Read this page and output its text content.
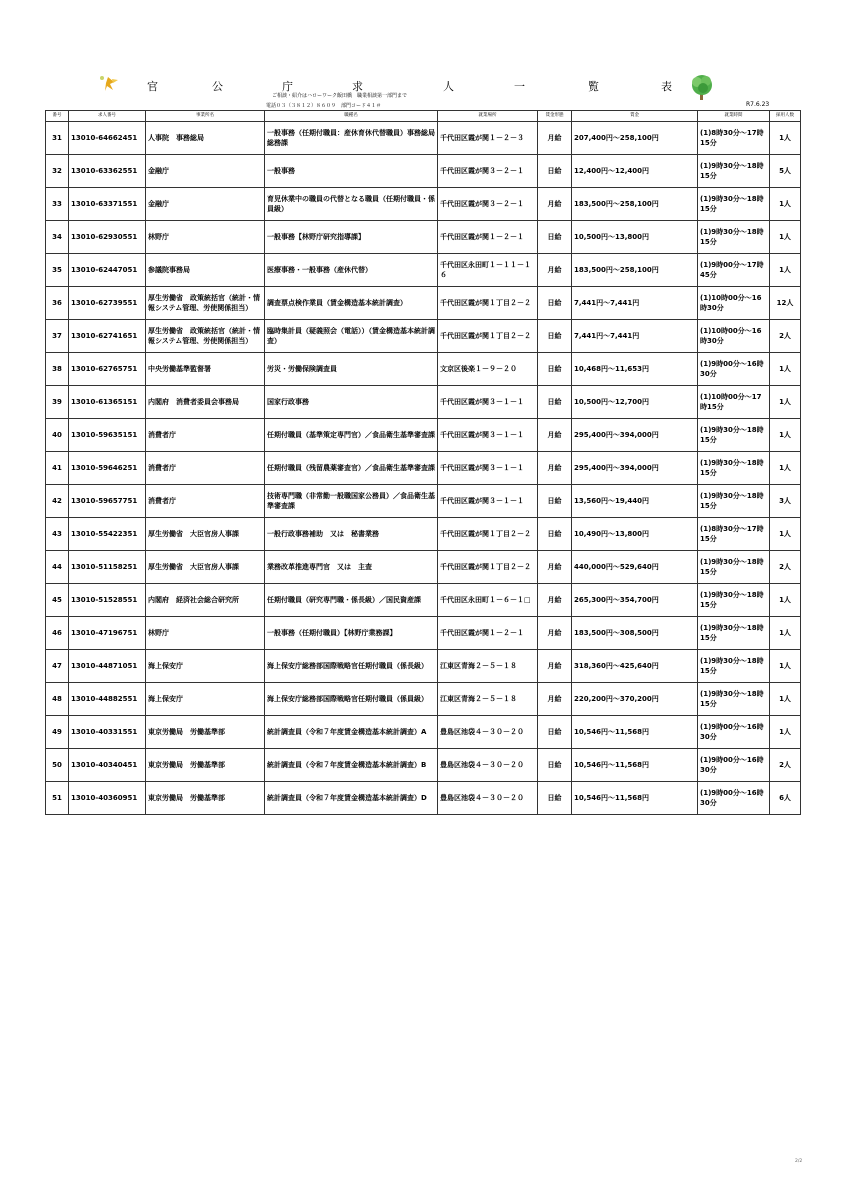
官	公	庁	求	人	一	覧	表
ご相談・紹介はハローワーク飯田橋　職業相談第一部門まで
電話０３（３８１２）８６０９　部門コード４１＃	R7.6.23
番号	求人番号	事業所名	職種名	就業場所	賃金形態	賃金	就業時間	採用人数
31	13010-64662451	人事院　事務総局	一般事務（任期付職員：産休育休代替職員）事務総局総務課	千代田区霞が関１－２－３	月給	207,400円～258,100円	(1)8時30分～17時15分	1人
32	13010-63362551	金融庁	一般事務	千代田区霞が関３－２－１	日給	12,400円～12,400円	(1)9時30分～18時15分	5人
33	13010-63371551	金融庁	育児休業中の職員の代替となる職員（任期付職員・係員級）	千代田区霞が関３－２－１	月給	183,500円～258,100円	(1)9時30分～18時15分	1人
34	13010-62930551	林野庁	一般事務【林野庁研究指導課】	千代田区霞が関１－２－１	日給	10,500円～13,800円	(1)9時30分～18時15分	1人
35	13010-62447051	参議院事務局	医療事務・一般事務（産休代替）	千代田区永田町１－１１－１６	月給	183,500円～258,100円	(1)9時00分～17時45分	1人
36	13010-62739551	厚生労働省　政策統括官（統計・情報システム管理、労使関係担当）	調査票点検作業員（賃金構造基本統計調査）	千代田区霞が関１丁目２－２	日給	7,441円～7,441円	(1)10時00分～16時30分	12人
37	13010-62741651	厚生労働省　政策統括官（統計・情報システム管理、労使関係担当）	臨時集計員（疑義照会（電話））（賃金構造基本統計調査）	千代田区霞が関１丁目２－２	日給	7,441円～7,441円	(1)10時00分～16時30分	2人
38	13010-62765751	中央労働基準監督署	労災・労働保険調査員	文京区後楽１－９－２０	日給	10,468円～11,653円	(1)9時00分～16時30分	1人
39	13010-61365151	内閣府　消費者委員会事務局	国家行政事務	千代田区霞が関３－１－１	日給	10,500円～12,700円	(1)10時00分～17時15分	1人
40	13010-59635151	消費者庁	任期付職員（基準策定専門官）／食品衛生基準審査課	千代田区霞が関３－１－１	月給	295,400円～394,000円	(1)9時30分～18時15分	1人
41	13010-59646251	消費者庁	任期付職員（残留農薬審査官）／食品衛生基準審査課	千代田区霞が関３－１－１	月給	295,400円～394,000円	(1)9時30分～18時15分	1人
42	13010-59657751	消費者庁	技術専門職（非常勤一般職国家公務員）／食品衛生基準審査課	千代田区霞が関３－１－１	日給	13,560円～19,440円	(1)9時30分～18時15分	3人
43	13010-55422351	厚生労働省　大臣官房人事課	一般行政事務補助　又は　秘書業務	千代田区霞が関１丁目２－２	日給	10,490円～13,800円	(1)8時30分～17時15分	1人
44	13010-51158251	厚生労働省　大臣官房人事課	業務改革推進専門官　又は　主査	千代田区霞が関１丁目２－２	月給	440,000円～529,640円	(1)9時30分～18時15分	2人
45	13010-51528551	内閣府　経済社会総合研究所	任期付職員（研究専門職・係長級）／国民資産課	千代田区永田町１－６－１□	月給	265,300円～354,700円	(1)9時30分～18時15分	1人
46	13010-47196751	林野庁	一般事務（任期付職員）【林野庁業務課】	千代田区霞が関１－２－１	月給	183,500円～308,500円	(1)9時30分～18時15分	1人
47	13010-44871051	海上保安庁	海上保安庁総務部国際戦略官任期付職員（係長級）	江東区青海２－５－１８	月給	318,360円～425,640円	(1)9時30分～18時15分	1人
48	13010-44882551	海上保安庁	海上保安庁総務部国際戦略官任期付職員（係員級）	江東区青海２－５－１８	月給	220,200円～370,200円	(1)9時30分～18時15分	1人
49	13010-40331551	東京労働局　労働基準部	統計調査員（令和７年度賃金構造基本統計調査）A	豊島区池袋４－３０－２０	日給	10,546円～11,568円	(1)9時00分～16時30分	1人
50	13010-40340451	東京労働局　労働基準部	統計調査員（令和７年度賃金構造基本統計調査）B	豊島区池袋４－３０－２０	日給	10,546円～11,568円	(1)9時00分～16時30分	2人
51	13010-40360951	東京労働局　労働基準部	統計調査員（令和７年度賃金構造基本統計調査）D	豊島区池袋４－３０－２０	日給	10,546円～11,568円	(1)9時00分～16時30分	6人
2/2
